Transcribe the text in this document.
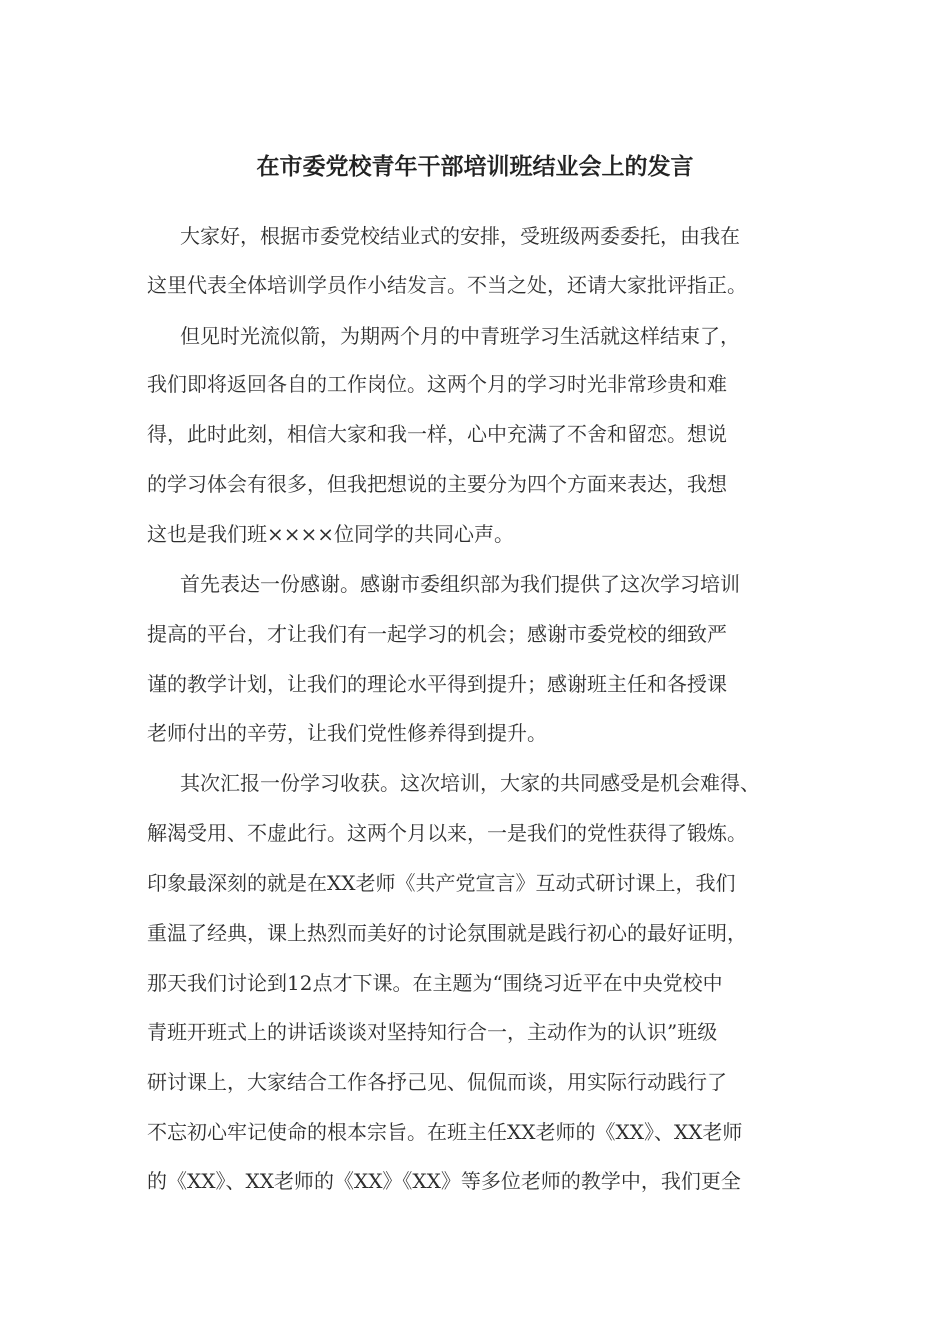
在市委党校青年干部培训班结业会上的发言
大家好，根据市委党校结业式的安排，受班级两委委托，由我在
这里代表全体培训学员作小结发言。不当之处，还请大家批评指正。
但见时光流似箭，为期两个月的中青班学习生活就这样结束了，
我们即将返回各自的工作岗位。这两个月的学习时光非常珍贵和难
得，此时此刻，相信大家和我一样，心中充满了不舍和留恋。想说
的学习体会有很多，但我把想说的主要分为四个方面来表达，我想
这也是我们班××××位同学的共同心声。
首先表达一份感谢。感谢市委组织部为我们提供了这次学习培训
提高的平台，才让我们有一起学习的机会；感谢市委党校的细致严
谨的教学计划，让我们的理论水平得到提升；感谢班主任和各授课
老师付出的辛劳，让我们党性修养得到提升。
其次汇报一份学习收获。这次培训，大家的共同感受是机会难得、
解渴受用、不虚此行。这两个月以来，一是我们的党性获得了锻炼。
印象最深刻的就是在XX老师《共产党宣言》互动式研讨课上，我们
重温了经典，课上热烈而美好的讨论氛围就是践行初心的最好证明，
那天我们讨论到12点才下课。在主题为“围绕习近平在中央党校中
青班开班式上的讲话谈谈对坚持知行合一，主动作为的认识”班级
研讨课上，大家结合工作各抒己见、侃侃而谈，用实际行动践行了
不忘初心牢记使命的根本宗旨。在班主任XX老师的《XX》、XX老师
的《XX》、XX老师的《XX》《XX》等多位老师的教学中，我们更全
